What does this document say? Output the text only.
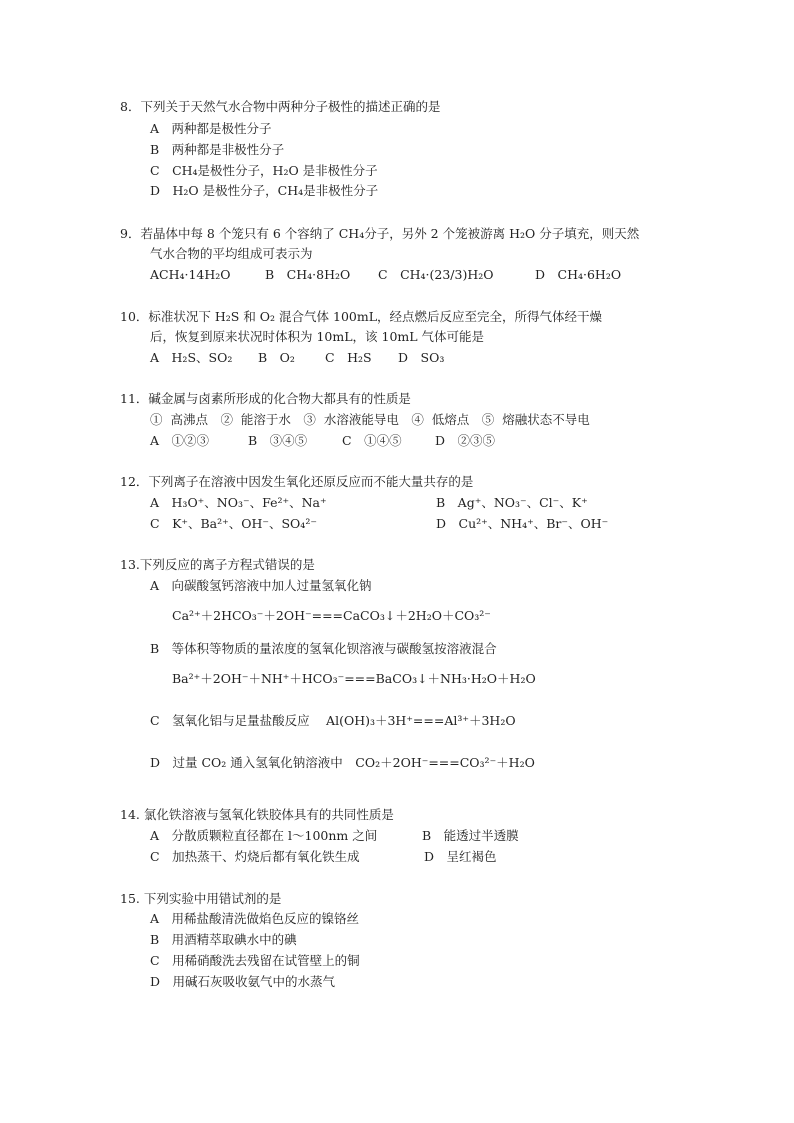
8．下列关于天然气水合物中两种分子极性的描述正确的是
A　两种都是极性分子
B　两种都是非极性分子
C　CH₄是极性分子，H₂O 是非极性分子
D　H₂O 是极性分子，CH₄是非极性分子
9．若晶体中每 8 个笼只有 6 个容纳了 CH₄分子，另外 2 个笼被游离 H₂O 分子填充，则天然
气水合物的平均组成可表示为
ACH₄·14H₂O	B　CH₄·8H₂O C　CH₄·(23/3)H₂O	D　CH₄·6H₂O
10．标准状况下 H₂S 和 O₂ 混合气体 100mL，经点燃后反应至完全，所得气体经干燥
后，恢复到原来状况时体积为 10mL，该 10mL 气体可能是
A　H₂S、SO₂ B　O₂ C　H₂S D　SO₃
11．碱金属与卤素所形成的化合物大都具有的性质是
①  高沸点　②  能溶于水　③  水溶液能导电　④  低熔点　⑤  熔融状态不导电
A　①②③	B　③④⑤	C　①④⑤	D　②③⑤
12．下列离子在溶液中因发生氧化还原反应而不能大量共存的是
A　H₃O⁺、NO₃⁻、Fe²⁺、Na⁺	B　Ag⁺、NO₃⁻、Cl⁻、K⁺
C　K⁺、Ba²⁺、OH⁻、SO₄²⁻	D　Cu²⁺、NH₄⁺、Br⁻、OH⁻
13.下列反应的离子方程式错误的是
A　向碳酸氢钙溶液中加人过量氢氧化钠
Ca²⁺＋2HCO₃⁻＋2OH⁻===CaCO₃↓＋2H₂O＋CO₃²⁻
B　等体积等物质的量浓度的氢氧化钡溶液与碳酸氢按溶液混合
Ba²⁺＋2OH⁻＋NH⁺＋HCO₃⁻===BaCO₃↓＋NH₃·H₂O＋H₂O
C　氢氧化铝与足量盐酸反应　 Al(OH)₃＋3H⁺===Al³⁺＋3H₂O
D　过量 CO₂ 通入氢氧化钠溶液中　CO₂＋2OH⁻===CO₃²⁻＋H₂O
14. 氯化铁溶液与氢氧化铁胶体具有的共同性质是
A　分散质颗粒直径都在 l～100nm 之间	B　能透过半透膜
C　加热蒸干、灼烧后都有氧化铁生成	D　呈红褐色
15. 下列实验中用错试剂的是
A　用稀盐酸清洗做焰色反应的镍铬丝
B　用酒精萃取碘水中的碘
C　用稀硝酸洗去残留在试管壁上的铜
D　用碱石灰吸收氨气中的水蒸气
